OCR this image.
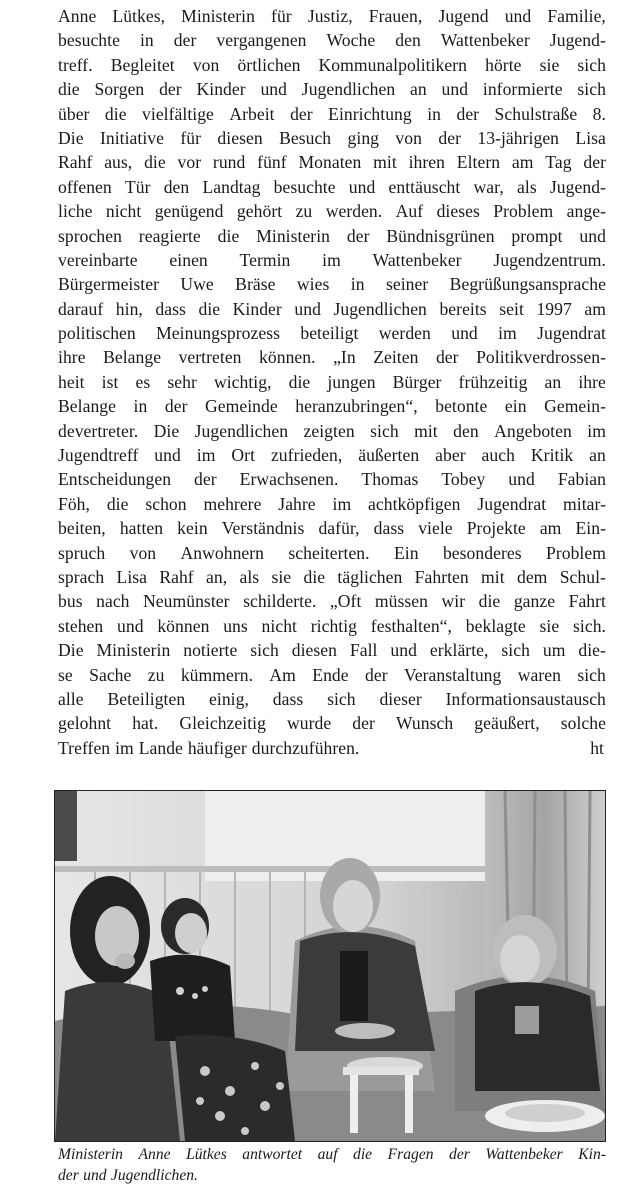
Anne Lütkes, Ministerin für Justiz, Frauen, Jugend und Familie,
besuchte in der vergangenen Woche den Wattenbeker Jugend-
treff. Begleitet von örtlichen Kommunalpolitikern hörte sie sich
die Sorgen der Kinder und Jugendlichen an und informierte sich
über die vielfältige Arbeit der Einrichtung in der Schulstraße 8.
Die Initiative für diesen Besuch ging von der 13-jährigen Lisa
Rahf aus, die vor rund fünf Monaten mit ihren Eltern am Tag der
offenen Tür den Landtag besuchte und enttäuscht war, als Jugend-
liche nicht genügend gehört zu werden. Auf dieses Problem ange-
sprochen reagierte die Ministerin der Bündnisgrünen prompt und
vereinbarte einen Termin im Wattenbeker Jugendzentrum.
Bürgermeister Uwe Bräse wies in seiner Begrüßungsansprache
darauf hin, dass die Kinder und Jugendlichen bereits seit 1997 am
politischen Meinungsprozess beteiligt werden und im Jugendrat
ihre Belange vertreten können. „In Zeiten der Politikverdrossen-
heit ist es sehr wichtig, die jungen Bürger frühzeitig an ihre
Belange in der Gemeinde heranzubringen“, betonte ein Gemein-
devertreter. Die Jugendlichen zeigten sich mit den Angeboten im
Jugendtreff und im Ort zufrieden, äußerten aber auch Kritik an
Entscheidungen der Erwachsenen. Thomas Tobey und Fabian
Föh, die schon mehrere Jahre im achtköpfigen Jugendrat mitar-
beiten, hatten kein Verständnis dafür, dass viele Projekte am Ein-
spruch von Anwohnern scheiterten. Ein besonderes Problem
sprach Lisa Rahf an, als sie die täglichen Fahrten mit dem Schul-
bus nach Neumünster schilderte. „Oft müssen wir die ganze Fahrt
stehen und können uns nicht richtig festhalten“, beklagte sie sich.
Die Ministerin notierte sich diesen Fall und erklärte, sich um die-
se Sache zu kümmern. Am Ende der Veranstaltung waren sich
alle Beteiligten einig, dass sich dieser Informationsaustausch
gelohnt hat. Gleichzeitig wurde der Wunsch geäußert, solche
Treffen im Lande häufiger durchzuführen.	ht
Ministerin Anne Lütkes antwortet auf die Fragen der Wattenbeker Kin-
der und Jugendlichen.
